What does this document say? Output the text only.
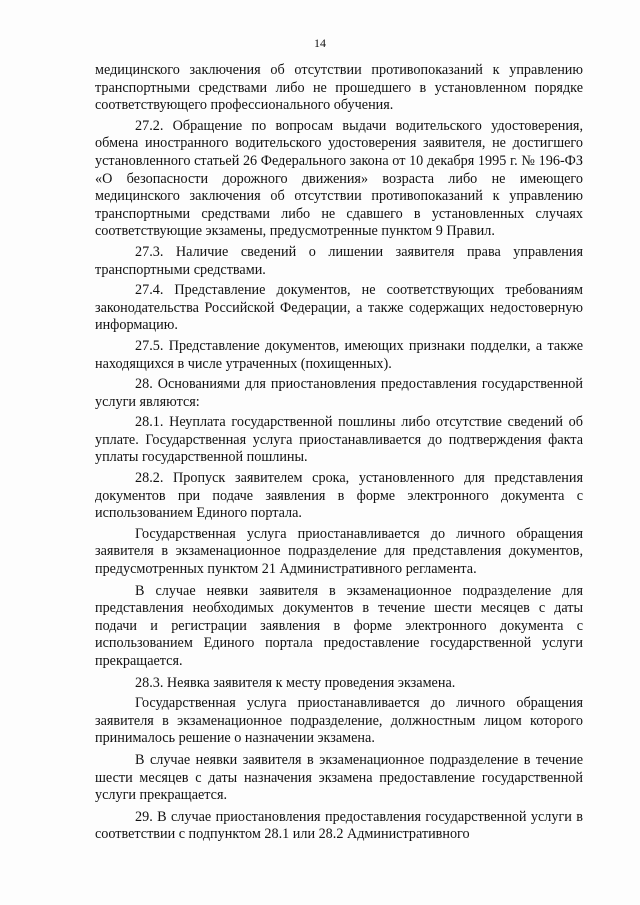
14

медицинского заключения об отсутствии противопоказаний к управлению транспортными средствами либо не прошедшего в установленном порядке соответствующего профессионального обучения.

27.2. Обращение по вопросам выдачи водительского удостоверения, обмена иностранного водительского удостоверения заявителя, не достигшего установленного статьей 26 Федерального закона от 10 декабря 1995 г. № 196-ФЗ «О безопасности дорожного движения» возраста либо не имеющего медицинского заключения об отсутствии противопоказаний к управлению транспортными средствами либо не сдавшего в установленных случаях соответствующие экзамены, предусмотренные пунктом 9 Правил.

27.3. Наличие сведений о лишении заявителя права управления транспортными средствами.

27.4. Представление документов, не соответствующих требованиям законодательства Российской Федерации, а также содержащих недостоверную информацию.

27.5. Представление документов, имеющих признаки подделки, а также находящихся в числе утраченных (похищенных).

28. Основаниями для приостановления предоставления государственной услуги являются:

28.1. Неуплата государственной пошлины либо отсутствие сведений об уплате. Государственная услуга приостанавливается до подтверждения факта уплаты государственной пошлины.

28.2. Пропуск заявителем срока, установленного для представления документов при подаче заявления в форме электронного документа с использованием Единого портала.

Государственная услуга приостанавливается до личного обращения заявителя в экзаменационное подразделение для представления документов, предусмотренных пунктом 21 Административного регламента.

В случае неявки заявителя в экзаменационное подразделение для представления необходимых документов в течение шести месяцев с даты подачи и регистрации заявления в форме электронного документа с использованием Единого портала предоставление государственной услуги прекращается.

28.3. Неявка заявителя к месту проведения экзамена.

Государственная услуга приостанавливается до личного обращения заявителя в экзаменационное подразделение, должностным лицом которого принималось решение о назначении экзамена.

В случае неявки заявителя в экзаменационное подразделение в течение шести месяцев с даты назначения экзамена предоставление государственной услуги прекращается.

29. В случае приостановления предоставления государственной услуги в соответствии с подпунктом 28.1 или 28.2 Административного
